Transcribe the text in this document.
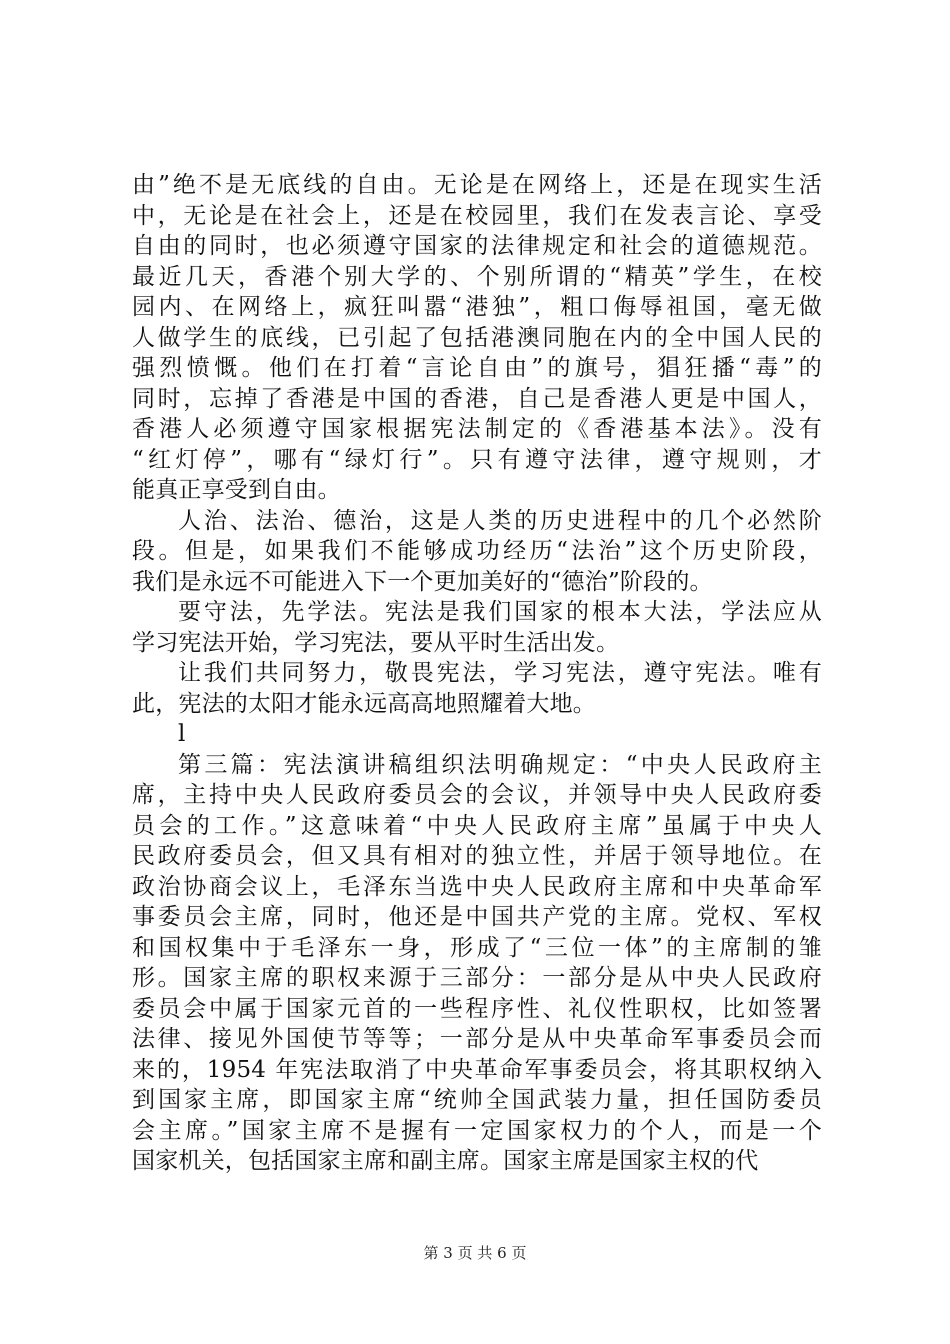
由”绝不是无底线的自由。无论是在网络上，还是在现实生活
中，无论是在社会上，还是在校园里，我们在发表言论、享受
自由的同时，也必须遵守国家的法律规定和社会的道德规范。
最近几天，香港个别大学的、个别所谓的“精英”学生，在校
园内、在网络上，疯狂叫嚣“港独”，粗口侮辱祖国，毫无做
人做学生的底线，已引起了包括港澳同胞在内的全中国人民的
强烈愤慨。他们在打着“言论自由”的旗号，猖狂播“毒”的
同时，忘掉了香港是中国的香港，自己是香港人更是中国人，
香港人必须遵守国家根据宪法制定的《香港基本法》。没有
“红灯停”，哪有“绿灯行”。只有遵守法律，遵守规则，才
能真正享受到自由。
人治、法治、德治，这是人类的历史进程中的几个必然阶
段。但是，如果我们不能够成功经历“法治”这个历史阶段，
我们是永远不可能进入下一个更加美好的“德治”阶段的。
要守法，先学法。宪法是我们国家的根本大法，学法应从
学习宪法开始，学习宪法，要从平时生活出发。
让我们共同努力，敬畏宪法，学习宪法，遵守宪法。唯有
此，宪法的太阳才能永远高高地照耀着大地。
l
第三篇：宪法演讲稿组织法明确规定：“中央人民政府主
席，主持中央人民政府委员会的会议，并领导中央人民政府委
员会的工作。”这意味着“中央人民政府主席”虽属于中央人
民政府委员会，但又具有相对的独立性，并居于领导地位。在
政治协商会议上，毛泽东当选中央人民政府主席和中央革命军
事委员会主席，同时，他还是中国共产党的主席。党权、军权
和国权集中于毛泽东一身，形成了“三位一体”的主席制的雏
形。国家主席的职权来源于三部分：一部分是从中央人民政府
委员会中属于国家元首的一些程序性、礼仪性职权，比如签署
法律、接见外国使节等等；一部分是从中央革命军事委员会而
来的，1954 年宪法取消了中央革命军事委员会，将其职权纳入
到国家主席，即国家主席“统帅全国武装力量，担任国防委员
会主席。”国家主席不是握有一定国家权力的个人，而是一个
国家机关，包括国家主席和副主席。国家主席是国家主权的代
第 3 页 共 6 页
